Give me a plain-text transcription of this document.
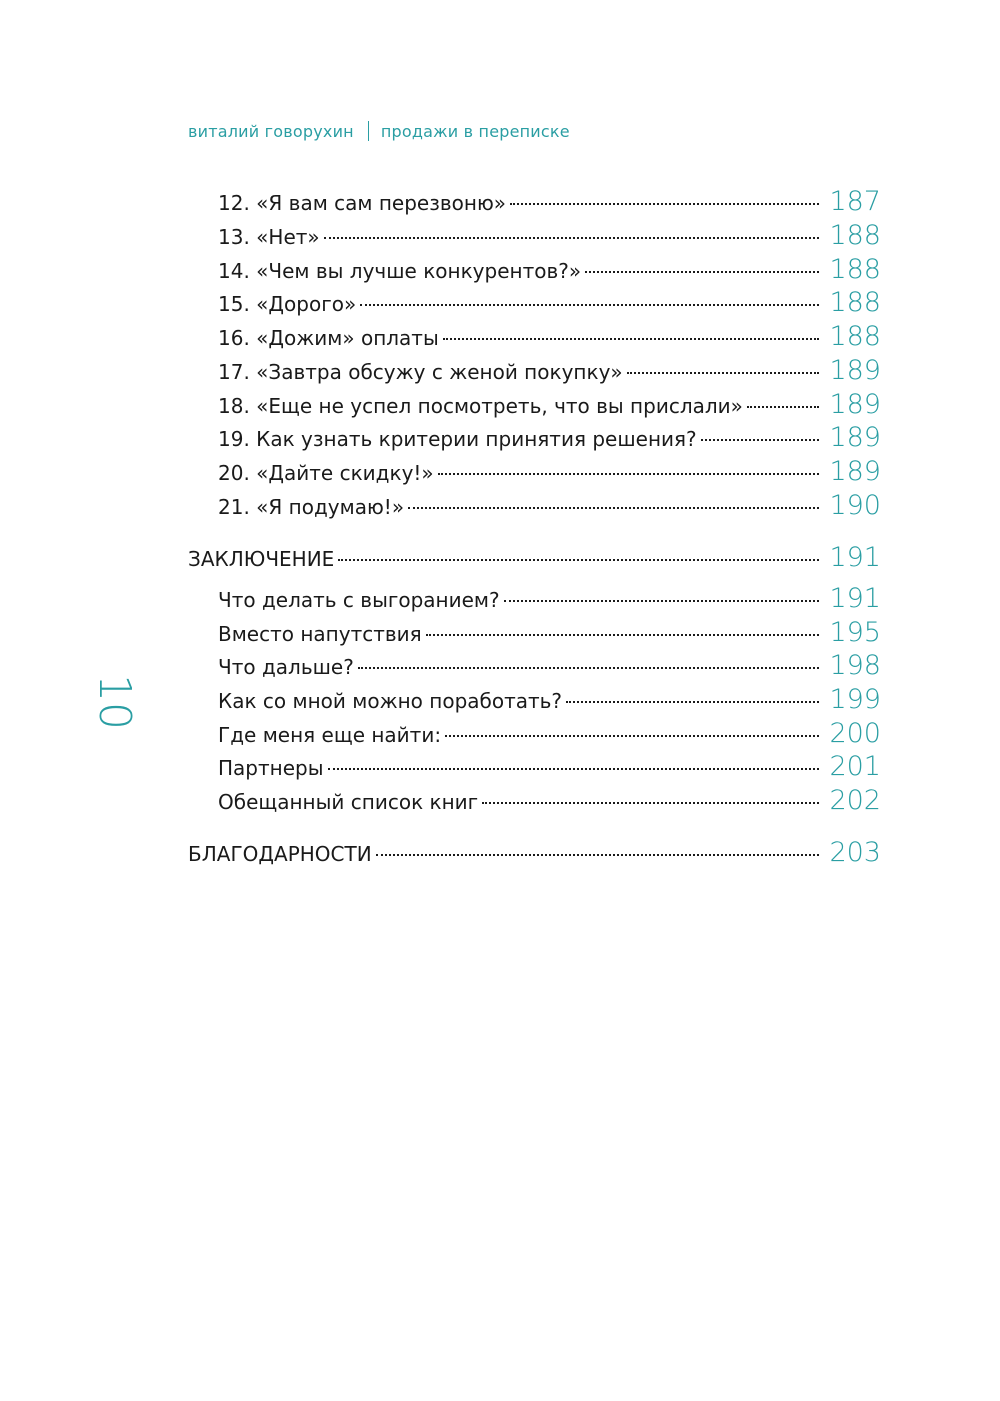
виталий говорухин продажи в переписке
10
12. «Я вам сам перезвоню»	187
13. «Нет»	188
14. «Чем вы лучше конкурентов?»	188
15. «Дорого»	188
16. «Дожим» оплаты	188
17. «Завтра обсужу с женой покупку»	189
18. «Еще не успел посмотреть, что вы прислали»	189
19. Как узнать критерии принятия решения?	189
20. «Дайте скидку!»	189
21. «Я подумаю!»	190
ЗАКЛЮЧЕНИЕ	191
Что делать с выгоранием?	191
Вместо напутствия	195
Что дальше?	198
Как со мной можно поработать?	199
Где меня еще найти:	200
Партнеры	201
Обещанный список книг	202
БЛАГОДАРНОСТИ	203
